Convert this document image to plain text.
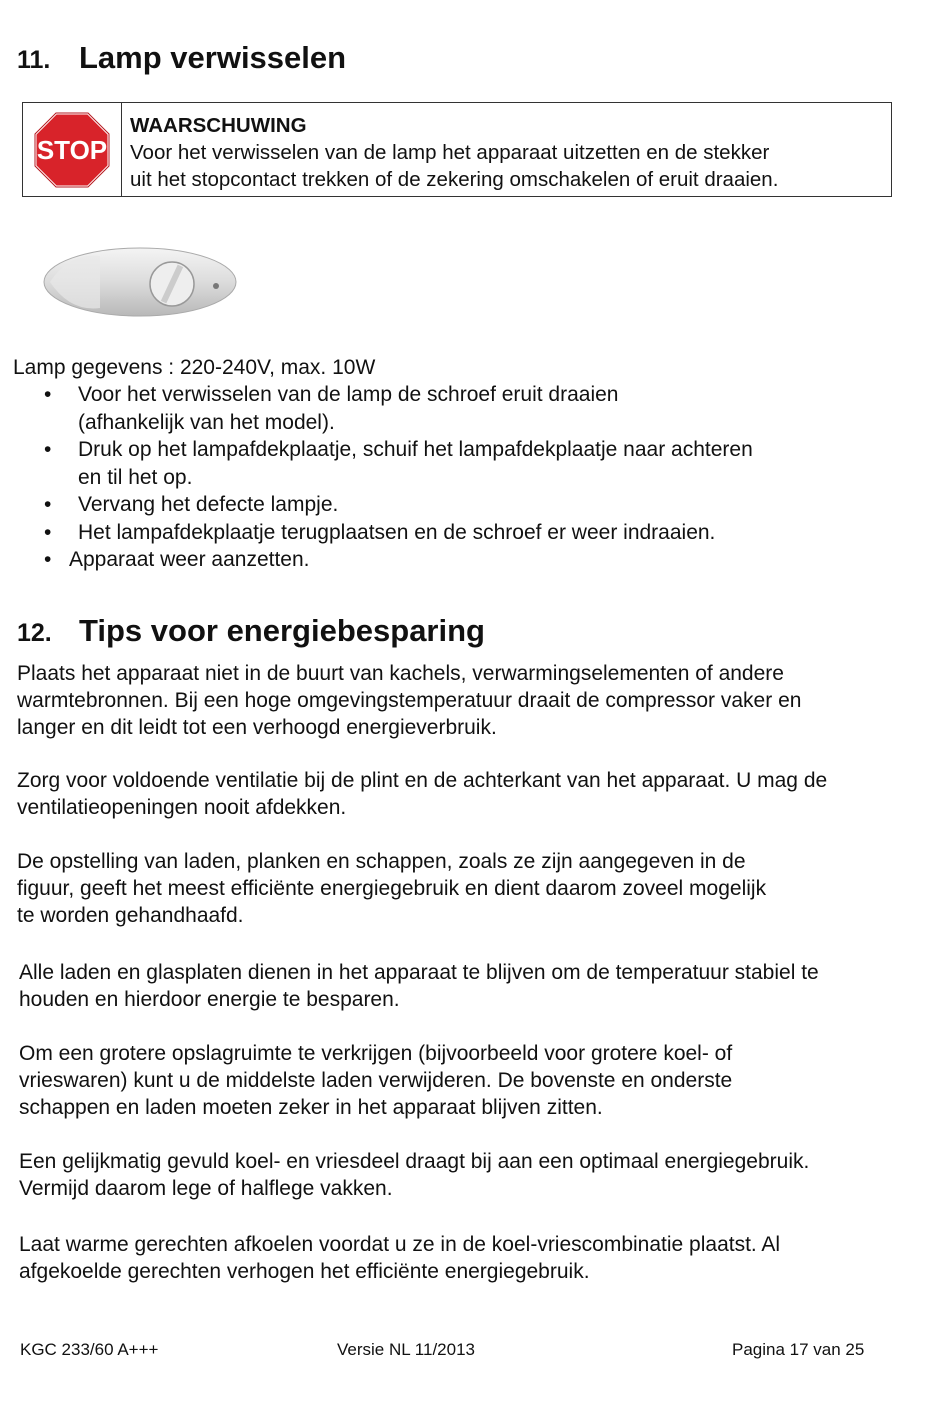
11. Lamp verwisselen
STOP
WAARSCHUWING
Voor het verwisselen van de lamp het apparaat uitzetten en de stekker
uit het stopcontact trekken of de zekering omschakelen of eruit draaien.
Lamp gegevens : 220-240V, max. 10W
• Voor het verwisselen van de lamp de schroef eruit draaien
(afhankelijk van het model).
• Druk op het lampafdekplaatje, schuif het lampafdekplaatje naar achteren
en til het op.
• Vervang het defecte lampje.
• Het lampafdekplaatje terugplaatsen en de schroef er weer indraaien.
• Apparaat weer aanzetten.
12. Tips voor energiebesparing
Plaats het apparaat niet in de buurt van kachels, verwarmingselementen of andere
warmtebronnen. Bij een hoge omgevingstemperatuur draait de compressor vaker en
langer en dit leidt tot een verhoogd energieverbruik.
Zorg voor voldoende ventilatie bij de plint en de achterkant van het apparaat. U mag de
ventilatieopeningen nooit afdekken.
De opstelling van laden, planken en schappen, zoals ze zijn aangegeven in de
figuur, geeft het meest efficiënte energiegebruik en dient daarom zoveel mogelijk
te worden gehandhaafd.
Alle laden en glasplaten dienen in het apparaat te blijven om de temperatuur stabiel te
houden en hierdoor energie te besparen.
Om een grotere opslagruimte te verkrijgen (bijvoorbeeld voor grotere koel- of
vrieswaren) kunt u de middelste laden verwijderen. De bovenste en onderste
schappen en laden moeten zeker in het apparaat blijven zitten.
Een gelijkmatig gevuld koel- en vriesdeel draagt bij aan een optimaal energiegebruik.
Vermijd daarom lege of halflege vakken.
Laat warme gerechten afkoelen voordat u ze in de koel-vriescombinatie plaatst. Al
afgekoelde gerechten verhogen het efficiënte energiegebruik.
KGC 233/60 A+++	Versie NL 11/2013	Pagina 17 van 25
